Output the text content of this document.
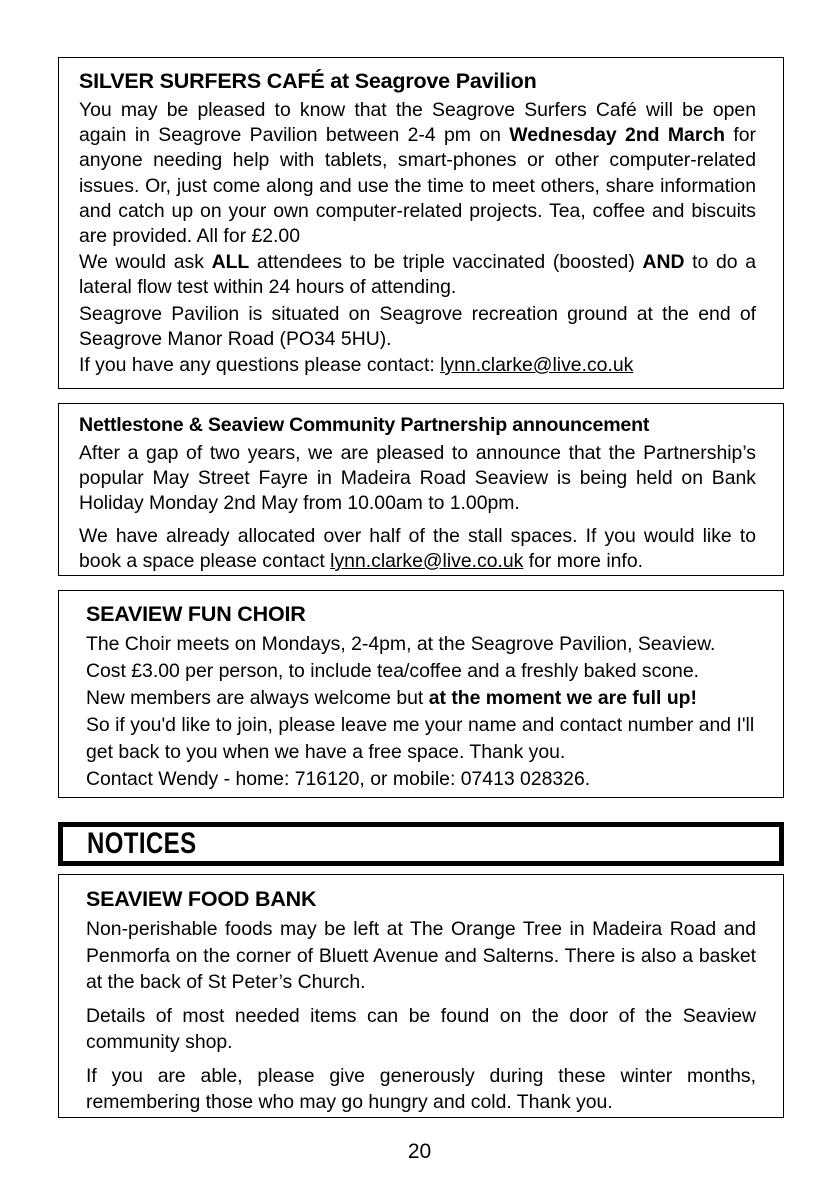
SILVER SURFERS CAFÉ at Seagrove Pavilion
You may be pleased to know that the Seagrove Surfers Café will be open again in Seagrove Pavilion between 2-4 pm on Wednesday 2nd March for anyone needing help with tablets, smart-phones or other computer-related issues. Or, just come along and use the time to meet others, share information and catch up on your own computer-related projects. Tea, coffee and biscuits are provided. All for £2.00
We would ask ALL attendees to be triple vaccinated (boosted) AND to do a lateral flow test within 24 hours of attending.
Seagrove Pavilion is situated on Seagrove recreation ground at the end of Seagrove Manor Road (PO34 5HU).
If you have any questions please contact: lynn.clarke@live.co.uk
Nettlestone & Seaview Community Partnership announcement
After a gap of two years, we are pleased to announce that the Partnership’s popular May Street Fayre in Madeira Road Seaview is being held on Bank Holiday Monday 2nd May from 10.00am to 1.00pm.
We have already allocated over half of the stall spaces. If you would like to book a space please contact lynn.clarke@live.co.uk for more info.
SEAVIEW FUN CHOIR
The Choir meets on Mondays, 2-4pm, at the Seagrove Pavilion, Seaview.
Cost £3.00 per person, to include tea/coffee and a freshly baked scone.
New members are always welcome but at the moment we are full up!
So if you'd like to join, please leave me your name and contact number and I'll get back to you when we have a free space. Thank you.
Contact Wendy - home: 716120, or mobile: 07413 028326.
NOTICES
SEAVIEW FOOD BANK
Non-perishable foods may be left at The Orange Tree in Madeira Road and Penmorfa on the corner of Bluett Avenue and Salterns. There is also a basket at the back of St Peter’s Church.
Details of most needed items can be found on the door of the Seaview community shop.
If you are able, please give generously during these winter months, remembering those who may go hungry and cold. Thank you.
20
